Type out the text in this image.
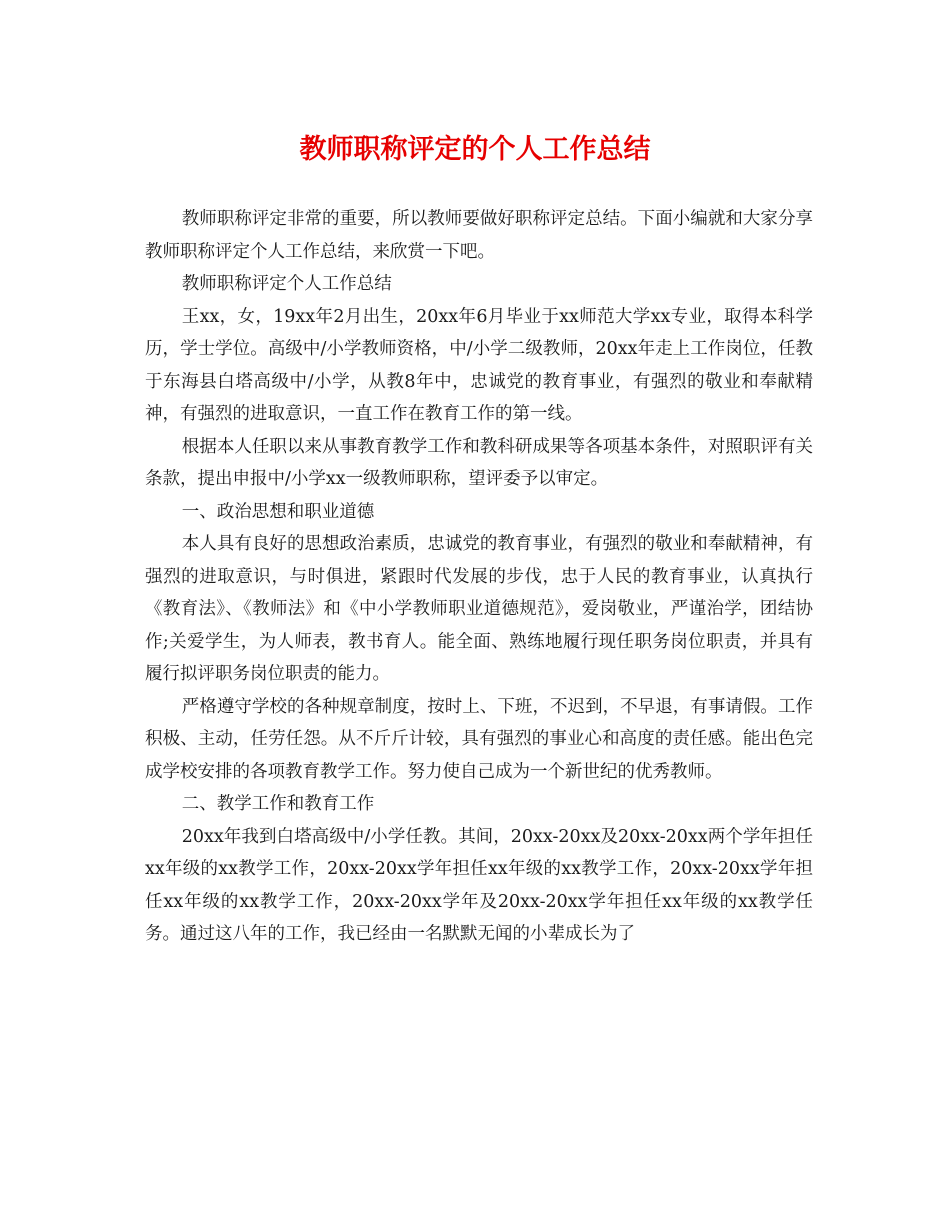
教师职称评定的个人工作总结

教师职称评定非常的重要，所以教师要做好职称评定总结。下面小编就和大家分享教师职称评定个人工作总结，来欣赏一下吧。

教师职称评定个人工作总结

王xx，女，19xx年2月出生，20xx年6月毕业于xx师范大学xx专业，取得本科学历，学士学位。高级中/小学教师资格，中/小学二级教师，20xx年走上工作岗位，任教于东海县白塔高级中/小学，从教8年中，忠诚党的教育事业，有强烈的敬业和奉献精神，有强烈的进取意识，一直工作在教育工作的第一线。

根据本人任职以来从事教育教学工作和教科研成果等各项基本条件，对照职评有关条款，提出申报中/小学xx一级教师职称，望评委予以审定。

一、政治思想和职业道德

本人具有良好的思想政治素质，忠诚党的教育事业，有强烈的敬业和奉献精神，有强烈的进取意识，与时俱进，紧跟时代发展的步伐，忠于人民的教育事业，认真执行《教育法》、《教师法》和《中小学教师职业道德规范》，爱岗敬业，严谨治学，团结协作;关爱学生，为人师表，教书育人。能全面、熟练地履行现任职务岗位职责，并具有履行拟评职务岗位职责的能力。

严格遵守学校的各种规章制度，按时上、下班，不迟到，不早退，有事请假。工作积极、主动，任劳任怨。从不斤斤计较，具有强烈的事业心和高度的责任感。能出色完成学校安排的各项教育教学工作。努力使自己成为一个新世纪的优秀教师。

二、教学工作和教育工作

20xx年我到白塔高级中/小学任教。其间，20xx-20xx及20xx-20xx两个学年担任xx年级的xx教学工作，20xx-20xx学年担任xx年级的xx教学工作，20xx-20xx学年担任xx年级的xx教学工作，20xx-20xx学年及20xx-20xx学年担任xx年级的xx教学任务。通过这八年的工作，我已经由一名默默无闻的小辈成长为了
